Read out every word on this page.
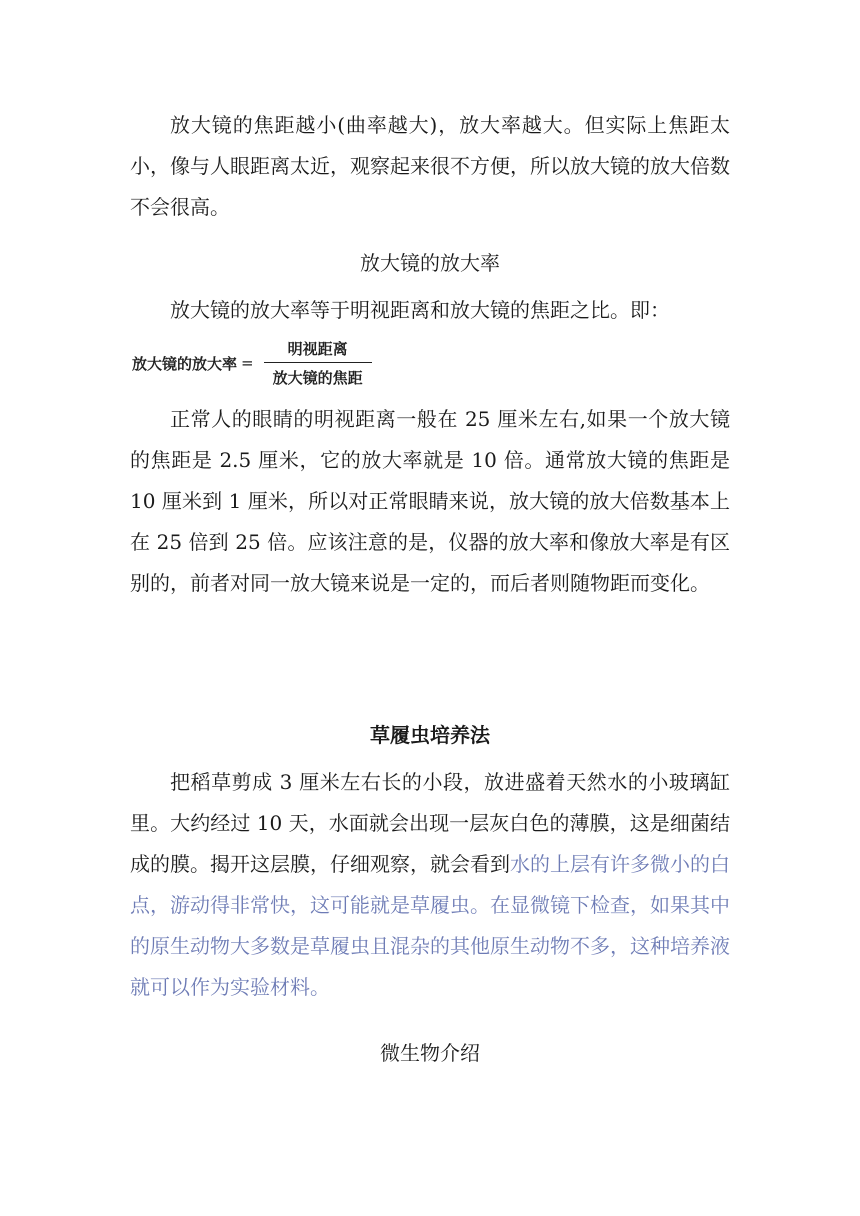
放大镜的焦距越小(曲率越大)，放大率越大。但实际上焦距太小，像与人眼距离太近，观察起来很不方便，所以放大镜的放大倍数不会很高。

放大镜的放大率

放大镜的放大率等于明视距离和放大镜的焦距之比。即：

放大镜的放大率 = $\frac{\text{明视距离}}{\text{放大镜的焦距}}$

正常人的眼睛的明视距离一般在 25 厘米左右,如果一个放大镜的焦距是 2.5 厘米，它的放大率就是 10 倍。通常放大镜的焦距是 10 厘米到 1 厘米，所以对正常眼睛来说，放大镜的放大倍数基本上在 25 倍到 25 倍。应该注意的是，仪器的放大率和像放大率是有区别的，前者对同一放大镜来说是一定的，而后者则随物距而变化。

草履虫培养法

把稻草剪成 3 厘米左右长的小段，放进盛着天然水的小玻璃缸里。大约经过 10 天，水面就会出现一层灰白色的薄膜，这是细菌结成的膜。揭开这层膜，仔细观察，就会看到水的上层有许多微小的白点，游动得非常快，这可能就是草履虫。在显微镜下检查，如果其中的原生动物大多数是草履虫且混杂的其他原生动物不多，这种培养液就可以作为实验材料。

微生物介绍
